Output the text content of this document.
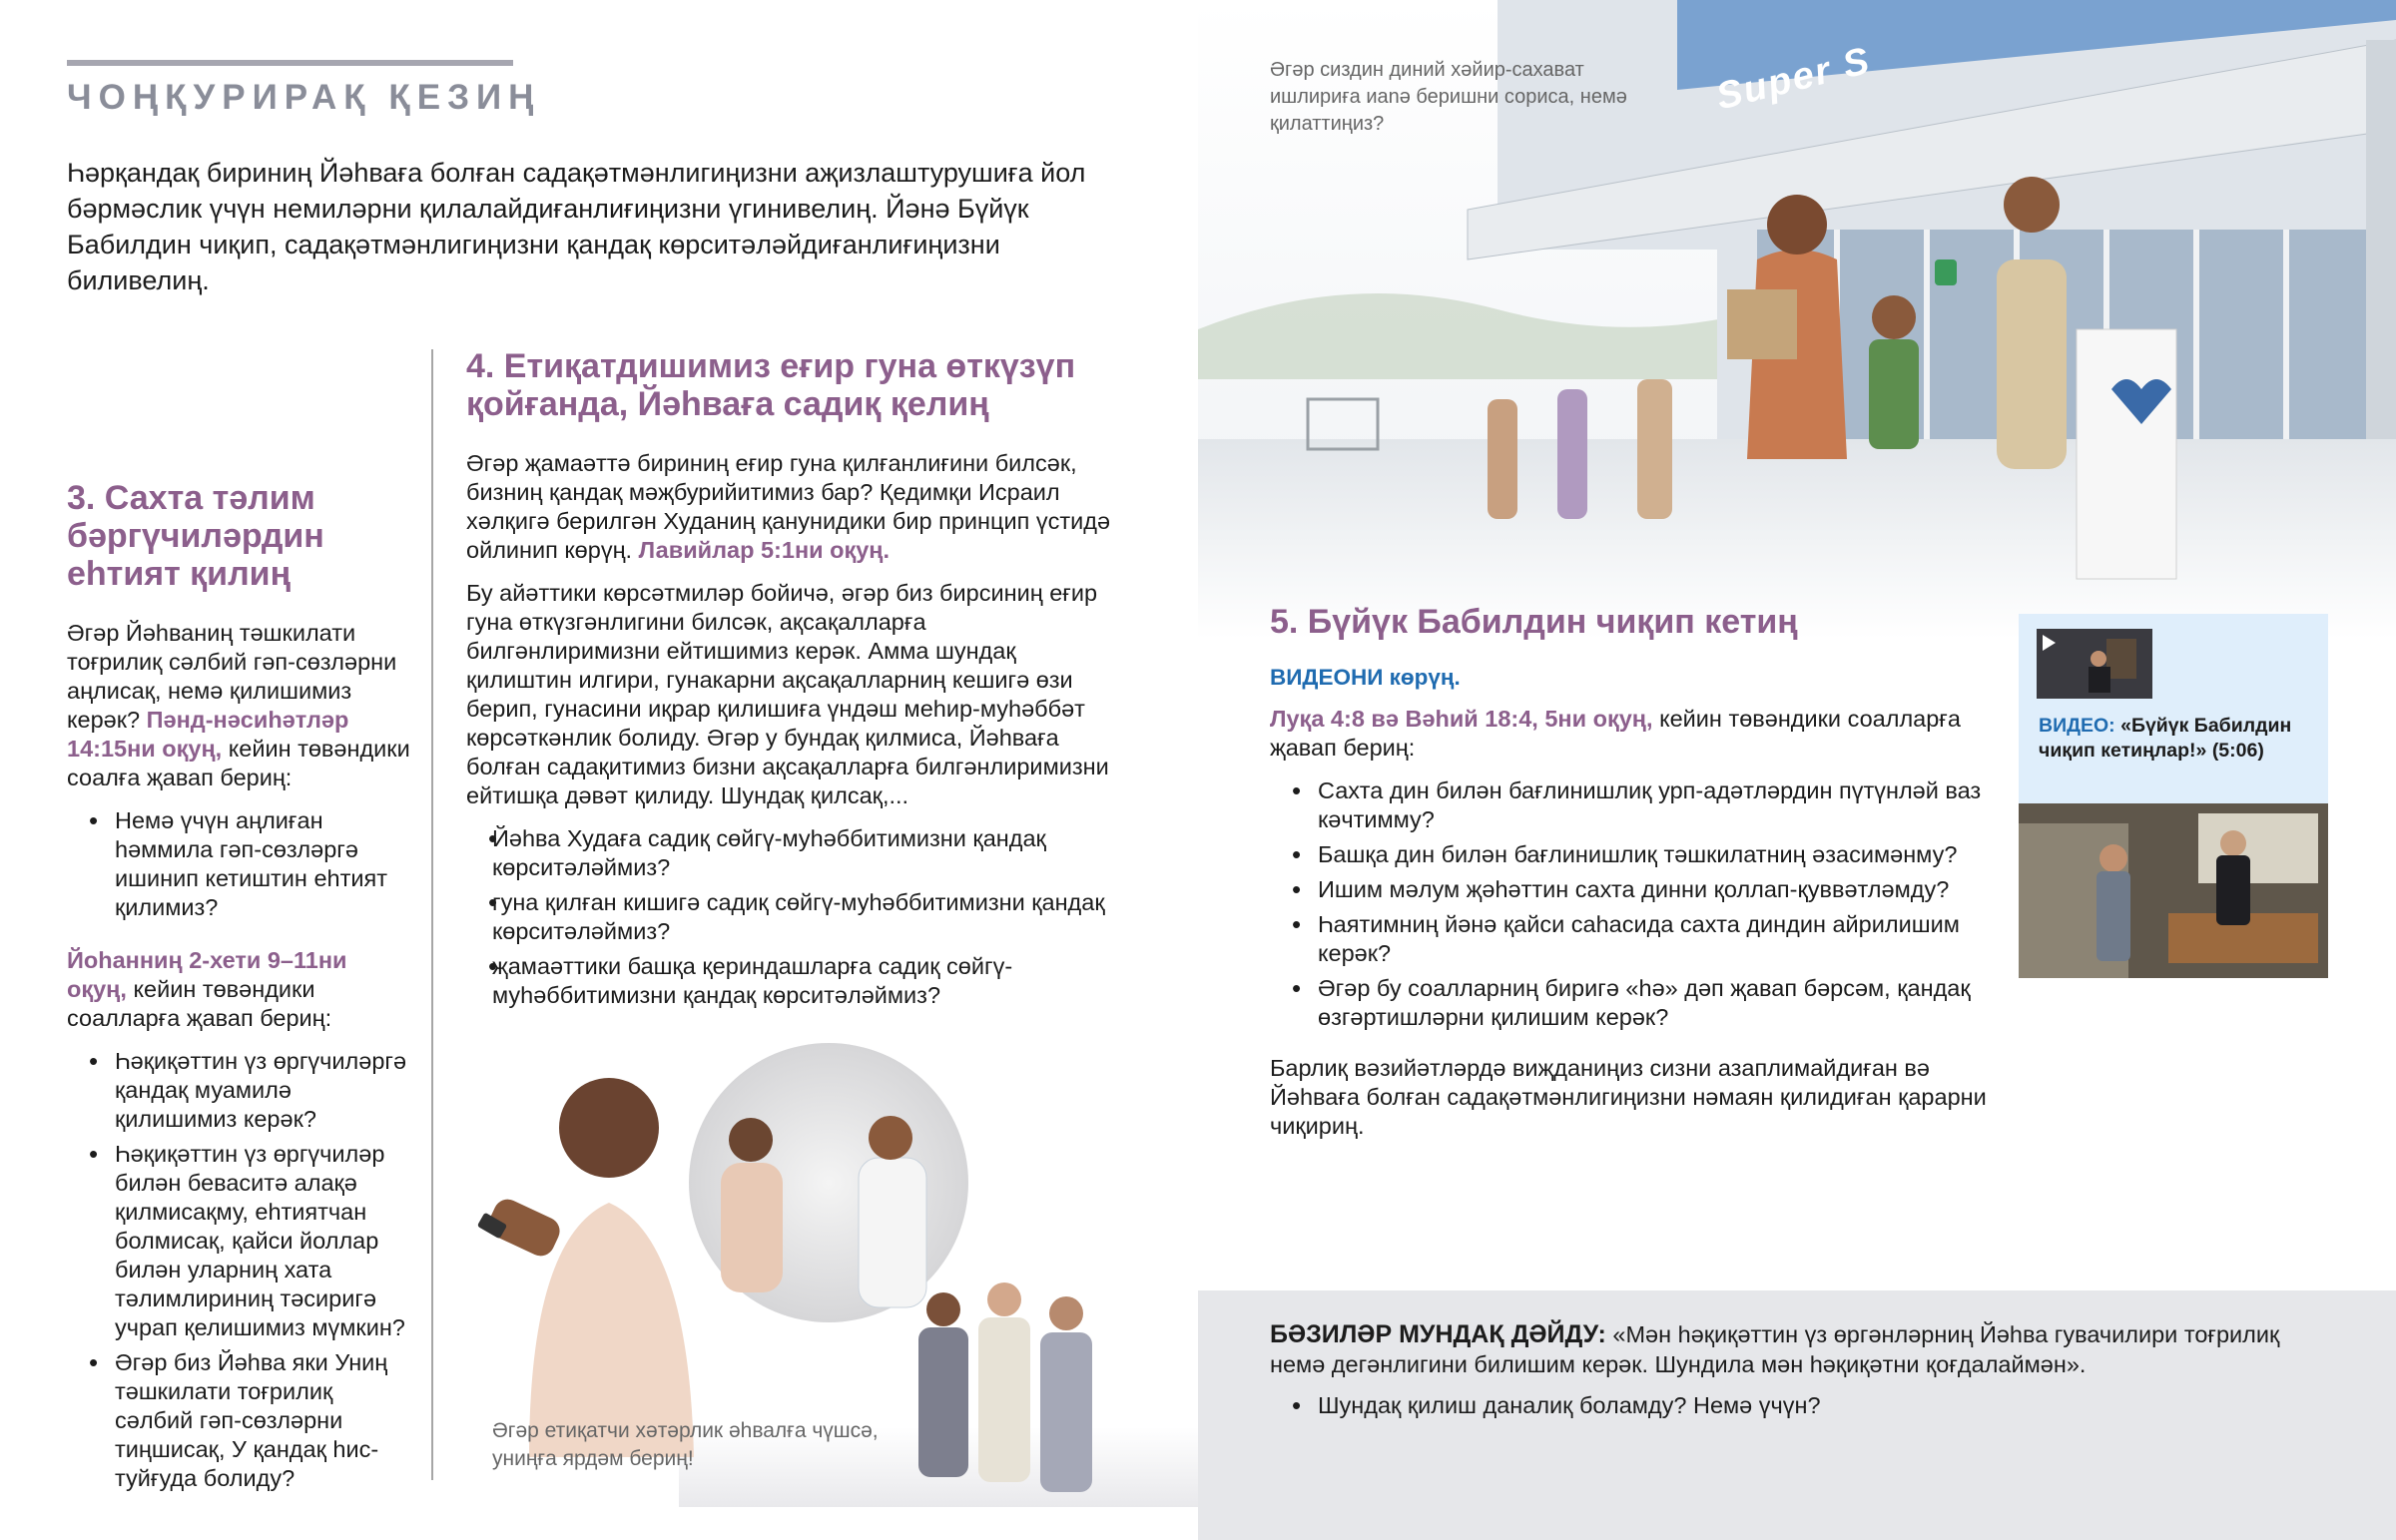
ЧОҢҚУРИРАҚ ҚЕЗИҢ
Һәрқандақ бириниң Йәһваға болған садақәтмәнлигиңизни аҗизлаштурушиға йол бәрмәслик үчүн немиләрни қилалайдиғанлиғиңизни үгинивелиң. Йәнә Бүйүк Бабилдин чиқип, садақәтмәнлигиңизни қандақ көрситәләйдиғанлиғиңизни биливелиң.
3. Сахта тәлим бәргүчиләрдин еһтият қилиң

Әгәр Йәһваниң тәшкилати тоғрилиқ сәлбий гәп-сөзләрни аңлисақ, немә қилишимиз керәк? Пәнд-нәсиһәтләр 14:15ни оқуң, кейин төвәндики соалға җавап бериң:

• Немә үчүн аңлиған һәммила гәп-сөзләргә ишинип кетиштин еһтият қилимиз?

Йоһанниң 2-хети 9–11ни оқуң, кейин төвәндики соалларға җавап бериң:

• Һәқиқәттин үз өргүчиләргә қандақ муамилә қилишимиз керәк?
• Һәқиқәттин үз өргүчиләр билән беваситә алақә қилмисақму, еһтиятчан болмисақ, қайси йоллар билән уларниң хата тәлимлириниң тәсиригә учрап қелишимиз мүмкин?
• Әгәр биз Йәһва яки Униң тәшкилати тоғрилиқ сәлбий гәп-сөзләрни тиңшисақ, У қандақ һис-туйғуда болиду?
4. Етиқатдишимиз еғир гуна өткүзүп қойғанда, Йәһваға садиқ қелиң

Әгәр җамаәттә бириниң еғир гуна қилғанлиғини билсәк, бизниң қандақ мәҗбурийитимиз бар? Қедимқи Исраил хәлқигә берилгән Худаниң қанунидики бир принцип үстидә ойлинип көрүң. Лавийлар 5:1ни оқуң.

Бу айәттики көрсәтмиләр бойичә, әгәр биз бирсиниң еғир гуна өткүзгәнлигини билсәк, ақсақалларға билгәнлиримизни ейтишимиз керәк. Амма шундақ қилиштин илгири, гунакарни ақсақалларниң кешигә өзи берип, гунасини иқрар қилишиға үндәш меһир-муһәббәт көрсәткәнлик болиду. Әгәр у бундақ қилмиса, Йәһваға болған садақитимиз бизни ақсақалларға билгәнлиримизни ейтишқа дәвәт қилиду. Шундақ қилсақ,...

• Йәһва Худаға садиқ сөйгү-муһәббитимизни қандақ көрситәләймиз?
• гуна қилған кишигә садиқ сөйгү-муһәббитимизни қандақ көрситәләймиз?
• җамаәттики башқа қериндашларға садиқ сөйгү-муһәббитимизни қандақ көрситәләймиз?
Әгәр етиқатчи хәтәрлик әһвалға чүшсә, униңға ярдәм бериң!
Super S
Әгәр сиздин диний хәйир-сахават ишлириға иanә беришни сориса, немә қилаттиңиз?
5. Бүйүк Бабилдин чиқип кетиң
ВИДЕОНИ көрүң.

Луқа 4:8 вә Вәһий 18:4, 5ни оқуң, кейин төвәндики соалларға җавап бериң:

• Сахта дин билән бағлинишлиқ урп-адәтләрдин пүтүнләй ваз кәчтимму?
• Башқа дин билән бағлинишлиқ тәшкилатниң әзасимәнму?
• Ишим мәлум җәһәттин сахта динни қоллап-қуввәтләмду?
• Һаятимниң йәнә қайси саһасида сахта диндин айрилишим керәк?
• Әгәр бу соалларниң биригә «һә» дәп җавап бәрсәм, қандақ өзгәртишләрни қилишим керәк?

Барлиқ вәзийәтләрдә виҗданиңиз сизни азаплимайдиған вә Йәһваға болған садақәтмәнлигиңизни нәмаян қилидиған қарарни чиқириң.

ВИДЕО: «Бүйүк Бабилдин чиқип кетиңлар!» (5:06)
БӘЗИЛӘР МУНДАҚ ДӘЙДУ: «Мән һәқиқәттин үз өргәнләрниң Йәһва гувачилири тоғрилиқ немә дегәнлигини билишим керәк. Шундила мән һәқиқәтни қоғдалаймән».
• Шундақ қилиш даналиқ боламду? Немә үчүн?
